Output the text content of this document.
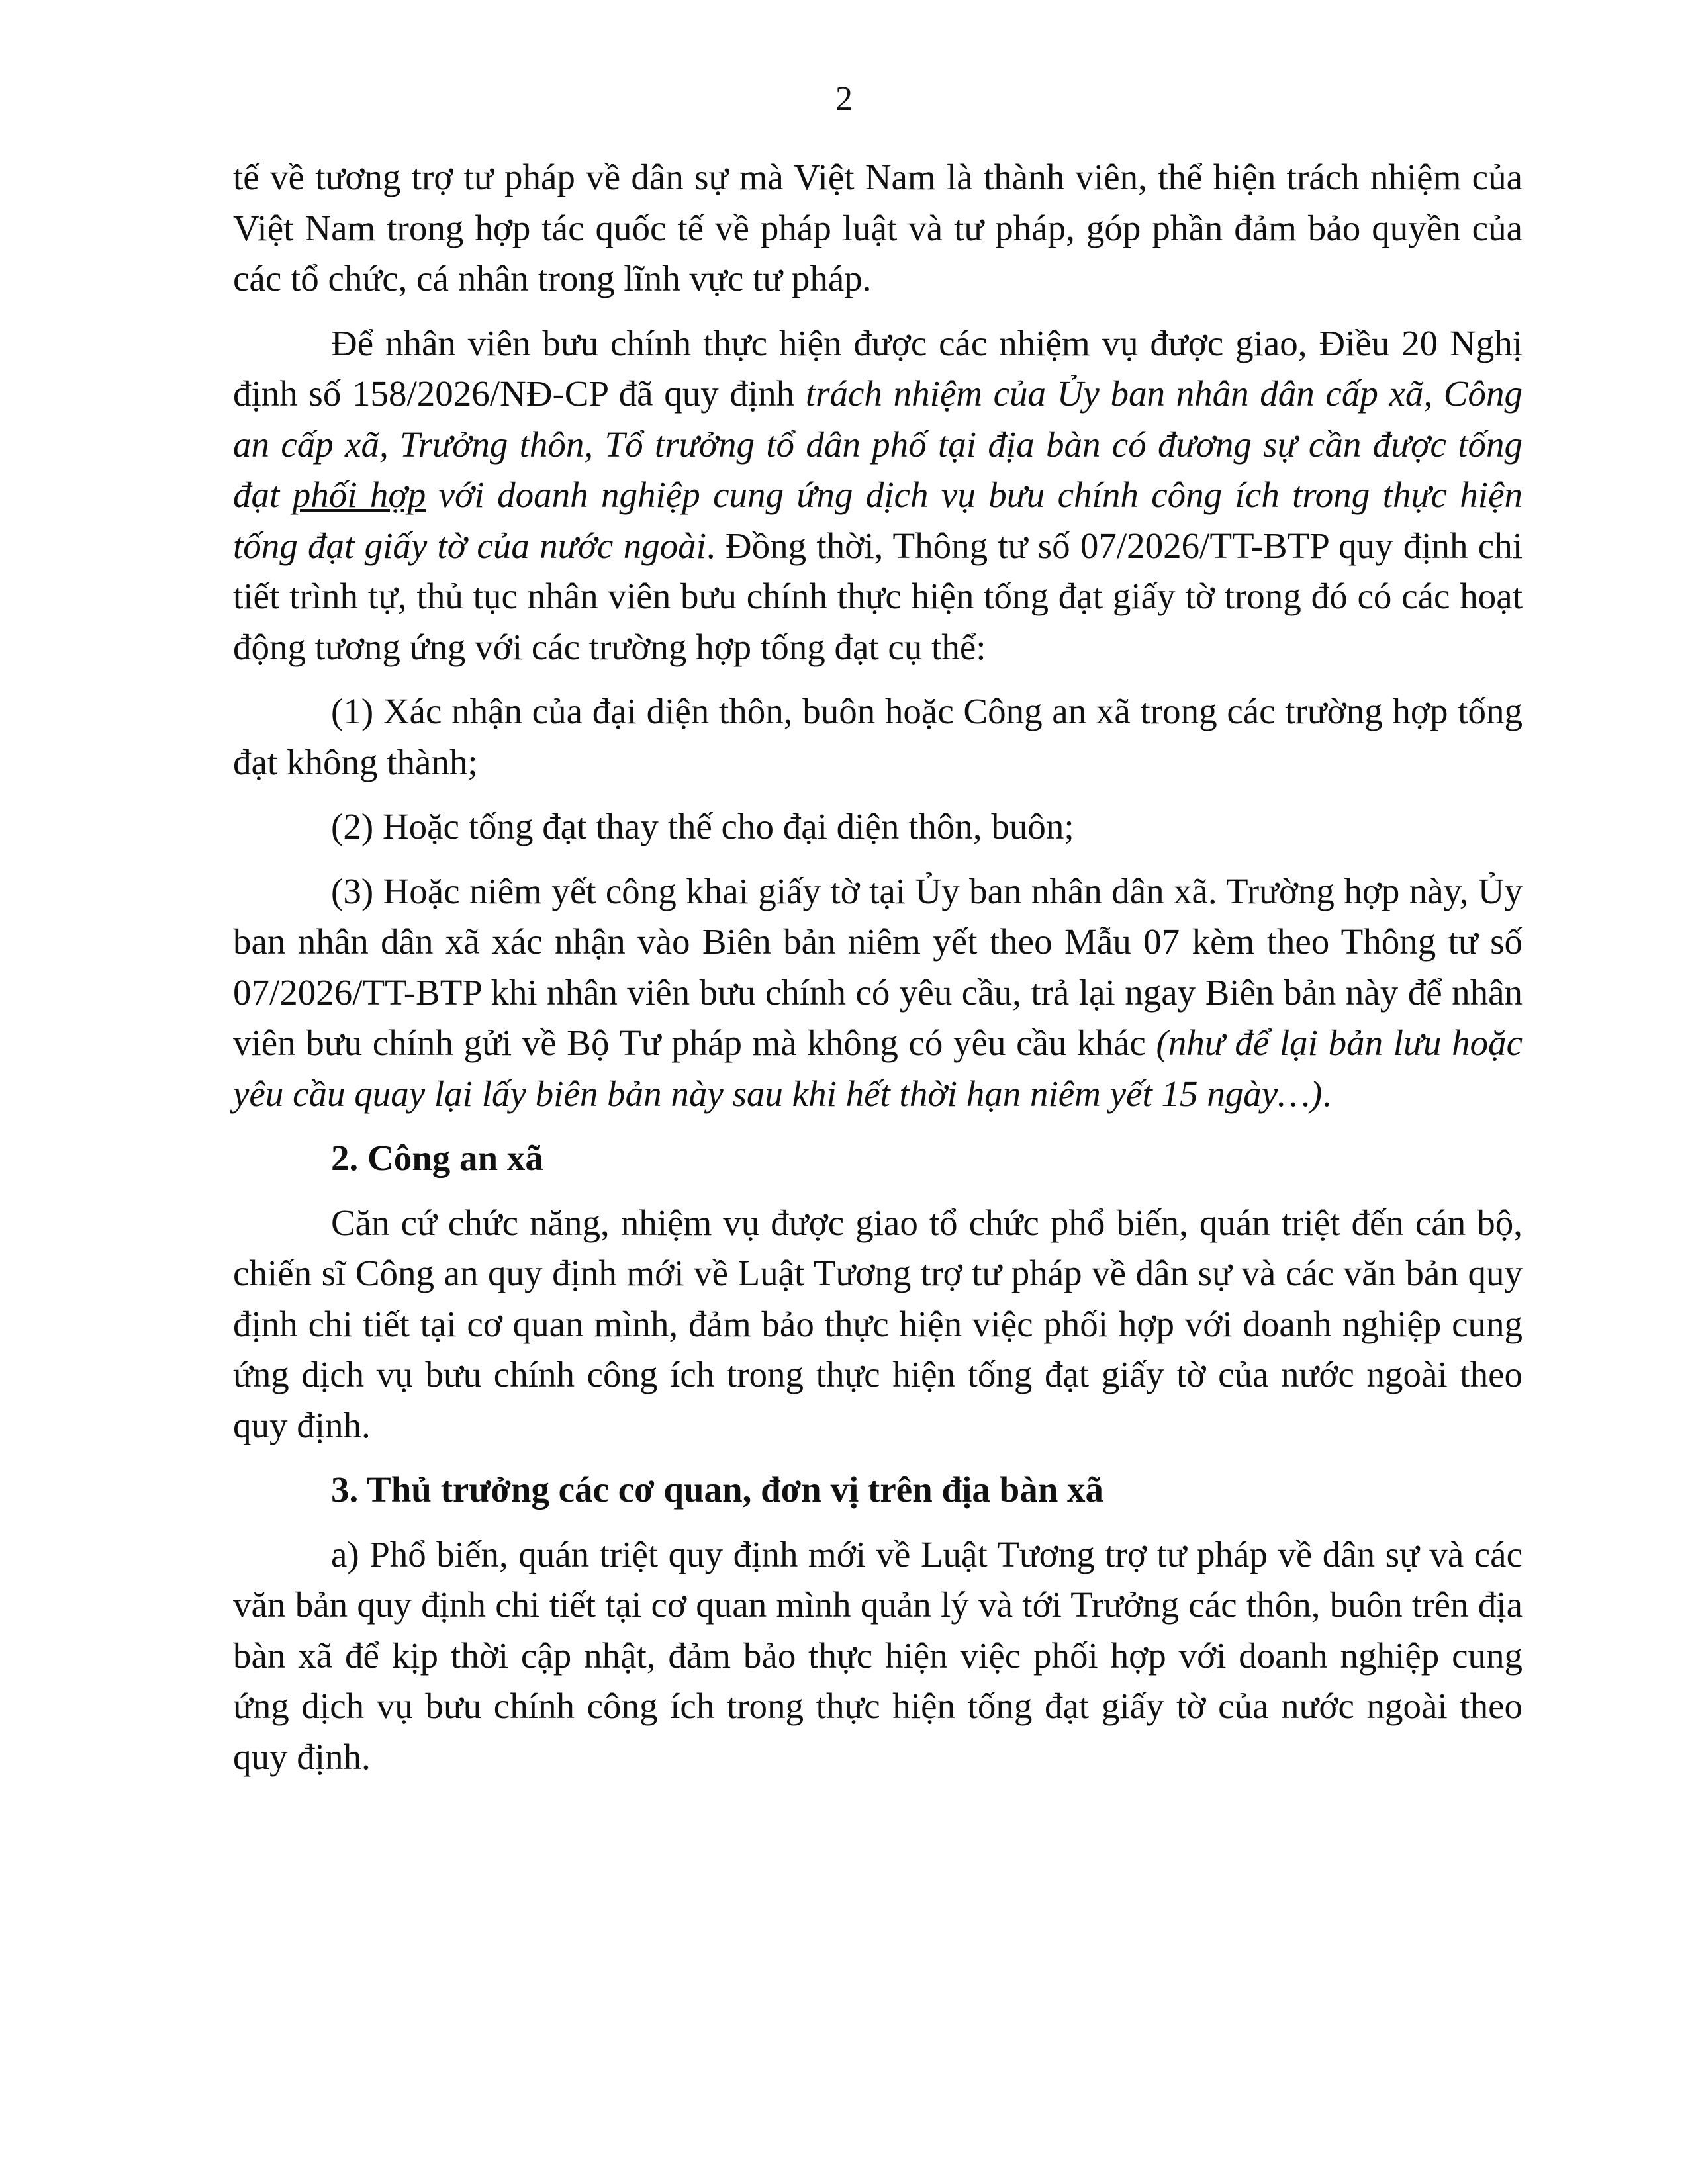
2

tế về tương trợ tư pháp về dân sự mà Việt Nam là thành viên, thể hiện trách nhiệm của Việt Nam trong hợp tác quốc tế về pháp luật và tư pháp, góp phần đảm bảo quyền của các tổ chức, cá nhân trong lĩnh vực tư pháp.

Để nhân viên bưu chính thực hiện được các nhiệm vụ được giao, Điều 20 Nghị định số 158/2026/NĐ-CP đã quy định trách nhiệm của Ủy ban nhân dân cấp xã, Công an cấp xã, Trưởng thôn, Tổ trưởng tổ dân phố tại địa bàn có đương sự cần được tống đạt phối hợp với doanh nghiệp cung ứng dịch vụ bưu chính công ích trong thực hiện tống đạt giấy tờ của nước ngoài. Đồng thời, Thông tư số 07/2026/TT-BTP quy định chi tiết trình tự, thủ tục nhân viên bưu chính thực hiện tống đạt giấy tờ trong đó có các hoạt động tương ứng với các trường hợp tống đạt cụ thể:

(1) Xác nhận của đại diện thôn, buôn hoặc Công an xã trong các trường hợp tống đạt không thành;

(2) Hoặc tống đạt thay thế cho đại diện thôn, buôn;

(3) Hoặc niêm yết công khai giấy tờ tại Ủy ban nhân dân xã. Trường hợp này, Ủy ban nhân dân xã xác nhận vào Biên bản niêm yết theo Mẫu 07 kèm theo Thông tư số 07/2026/TT-BTP khi nhân viên bưu chính có yêu cầu, trả lại ngay Biên bản này để nhân viên bưu chính gửi về Bộ Tư pháp mà không có yêu cầu khác (như để lại bản lưu hoặc yêu cầu quay lại lấy biên bản này sau khi hết thời hạn niêm yết 15 ngày…).

2. Công an xã

Căn cứ chức năng, nhiệm vụ được giao tổ chức phổ biến, quán triệt đến cán bộ, chiến sĩ Công an quy định mới về Luật Tương trợ tư pháp về dân sự và các văn bản quy định chi tiết tại cơ quan mình, đảm bảo thực hiện việc phối hợp với doanh nghiệp cung ứng dịch vụ bưu chính công ích trong thực hiện tống đạt giấy tờ của nước ngoài theo quy định.

3. Thủ trưởng các cơ quan, đơn vị trên địa bàn xã

a) Phổ biến, quán triệt quy định mới về Luật Tương trợ tư pháp về dân sự và các văn bản quy định chi tiết tại cơ quan mình quản lý và tới Trưởng các thôn, buôn trên địa bàn xã để kịp thời cập nhật, đảm bảo thực hiện việc phối hợp với doanh nghiệp cung ứng dịch vụ bưu chính công ích trong thực hiện tống đạt giấy tờ của nước ngoài theo quy định.
